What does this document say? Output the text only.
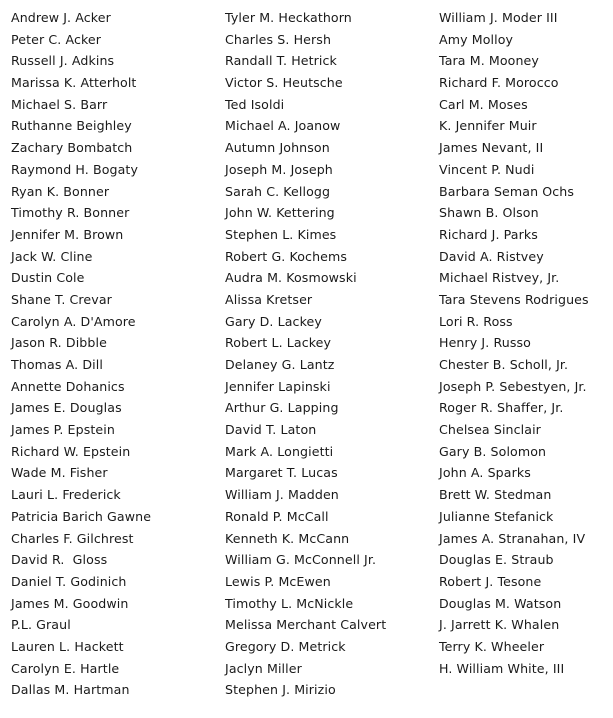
Andrew J. Acker
Peter C. Acker
Russell J. Adkins
Marissa K. Atterholt
Michael S. Barr
Ruthanne Beighley
Zachary Bombatch
Raymond H. Bogaty
Ryan K. Bonner
Timothy R. Bonner
Jennifer M. Brown
Jack W. Cline
Dustin Cole
Shane T. Crevar
Carolyn A. D'Amore
Jason R. Dibble
Thomas A. Dill
Annette Dohanics
James E. Douglas
James P. Epstein
Richard W. Epstein
Wade M. Fisher
Lauri L. Frederick
Patricia Barich Gawne
Charles F. Gilchrest
David R.  Gloss
Daniel T. Godinich
James M. Goodwin
P.L. Graul
Lauren L. Hackett
Carolyn E. Hartle
Dallas M. Hartman
Tyler M. Heckathorn
Charles S. Hersh
Randall T. Hetrick
Victor S. Heutsche
Ted Isoldi
Michael A. Joanow
Autumn Johnson
Joseph M. Joseph
Sarah C. Kellogg
John W. Kettering
Stephen L. Kimes
Robert G. Kochems
Audra M. Kosmowski
Alissa Kretser
Gary D. Lackey
Robert L. Lackey
Delaney G. Lantz
Jennifer Lapinski
Arthur G. Lapping
David T. Laton
Mark A. Longietti
Margaret T. Lucas
William J. Madden
Ronald P. McCall
Kenneth K. McCann
William G. McConnell Jr.
Lewis P. McEwen
Timothy L. McNickle
Melissa Merchant Calvert
Gregory D. Metrick
Jaclyn Miller
Stephen J. Mirizio
William J. Moder III
Amy Molloy
Tara M. Mooney
Richard F. Morocco
Carl M. Moses
K. Jennifer Muir
James Nevant, II
Vincent P. Nudi
Barbara Seman Ochs
Shawn B. Olson
Richard J. Parks
David A. Ristvey
Michael Ristvey, Jr.
Tara Stevens Rodrigues
Lori R. Ross
Henry J. Russo
Chester B. Scholl, Jr.
Joseph P. Sebestyen, Jr.
Roger R. Shaffer, Jr.
Chelsea Sinclair
Gary B. Solomon
John A. Sparks
Brett W. Stedman
Julianne Stefanick
James A. Stranahan, IV
Douglas E. Straub
Robert J. Tesone
Douglas M. Watson
J. Jarrett K. Whalen
Terry K. Wheeler
H. William White, III
